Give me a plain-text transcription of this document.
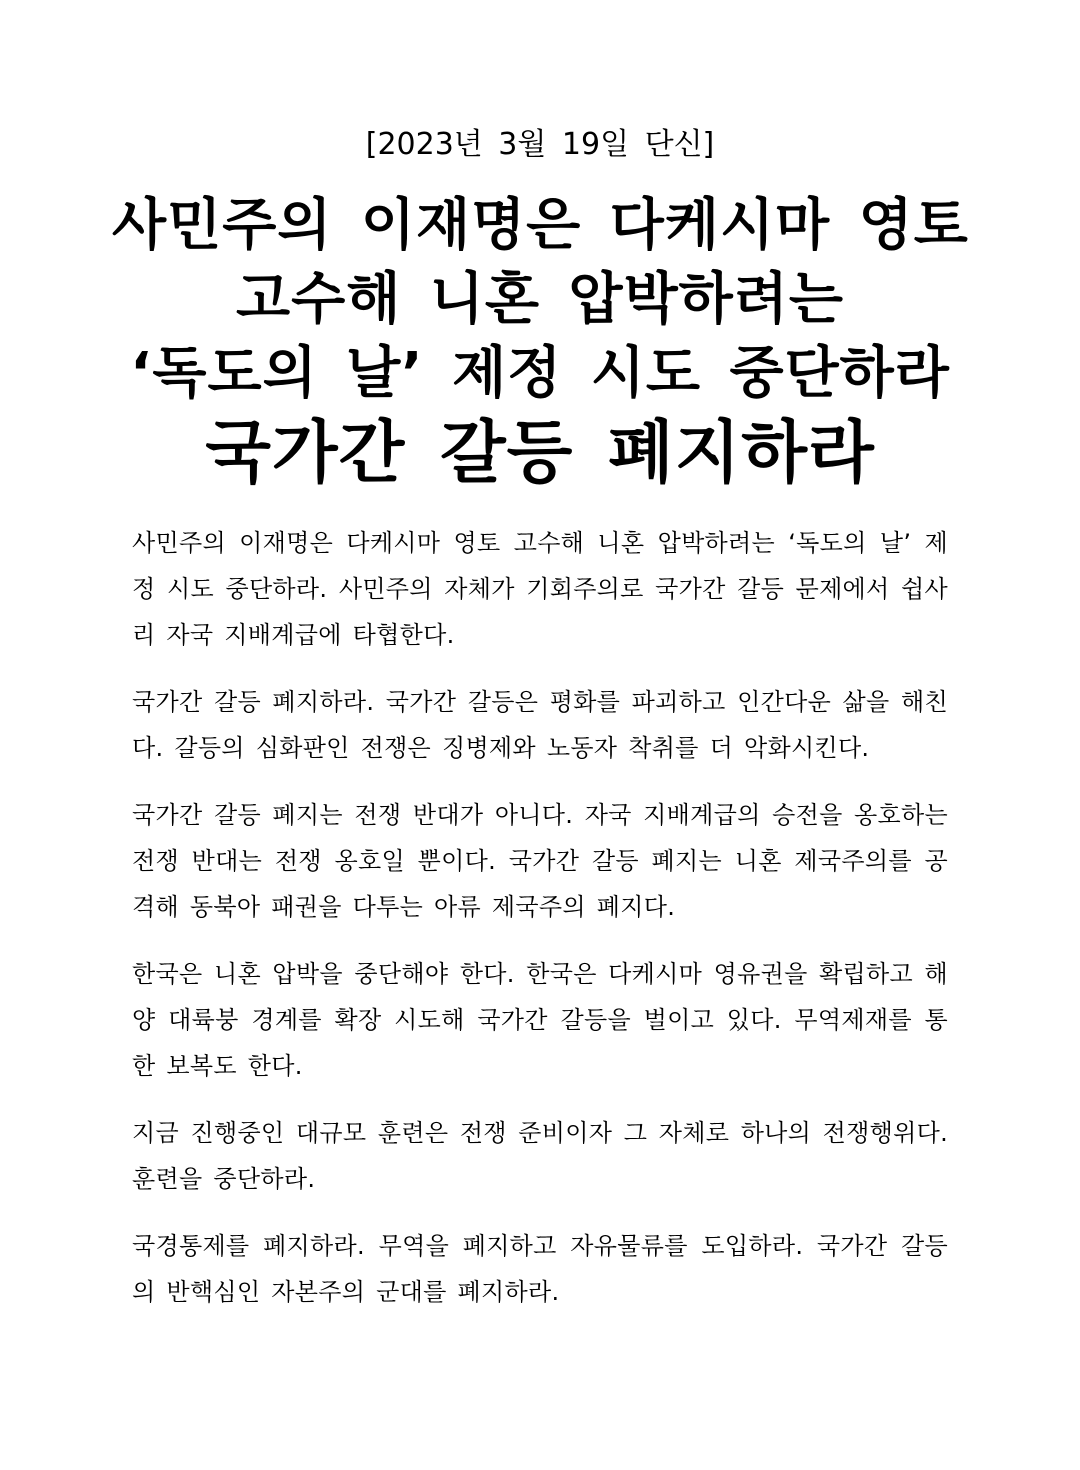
[2023년 3월 19일 단신]
사민주의 이재명은 다케시마 영토
고수해 니혼 압박하려는
‘독도의 날’ 제정 시도 중단하라
국가간 갈등 폐지하라

사민주의 이재명은 다케시마 영토 고수해 니혼 압박하려는 ‘독도의 날’ 제정 시도 중단하라. 사민주의 자체가 기회주의로 국가간 갈등 문제에서 쉽사리 자국 지배계급에 타협한다.

국가간 갈등 폐지하라. 국가간 갈등은 평화를 파괴하고 인간다운 삶을 해친다. 갈등의 심화판인 전쟁은 징병제와 노동자 착취를 더 악화시킨다.

국가간 갈등 폐지는 전쟁 반대가 아니다. 자국 지배계급의 승전을 옹호하는 전쟁 반대는 전쟁 옹호일 뿐이다. 국가간 갈등 폐지는 니혼 제국주의를 공격해 동북아 패권을 다투는 아류 제국주의 폐지다.

한국은 니혼 압박을 중단해야 한다. 한국은 다케시마 영유권을 확립하고 해양 대륙붕 경계를 확장 시도해 국가간 갈등을 벌이고 있다. 무역제재를 통한 보복도 한다.

지금 진행중인 대규모 훈련은 전쟁 준비이자 그 자체로 하나의 전쟁행위다. 훈련을 중단하라.

국경통제를 폐지하라. 무역을 폐지하고 자유물류를 도입하라. 국가간 갈등의 반핵심인 자본주의 군대를 폐지하라.
